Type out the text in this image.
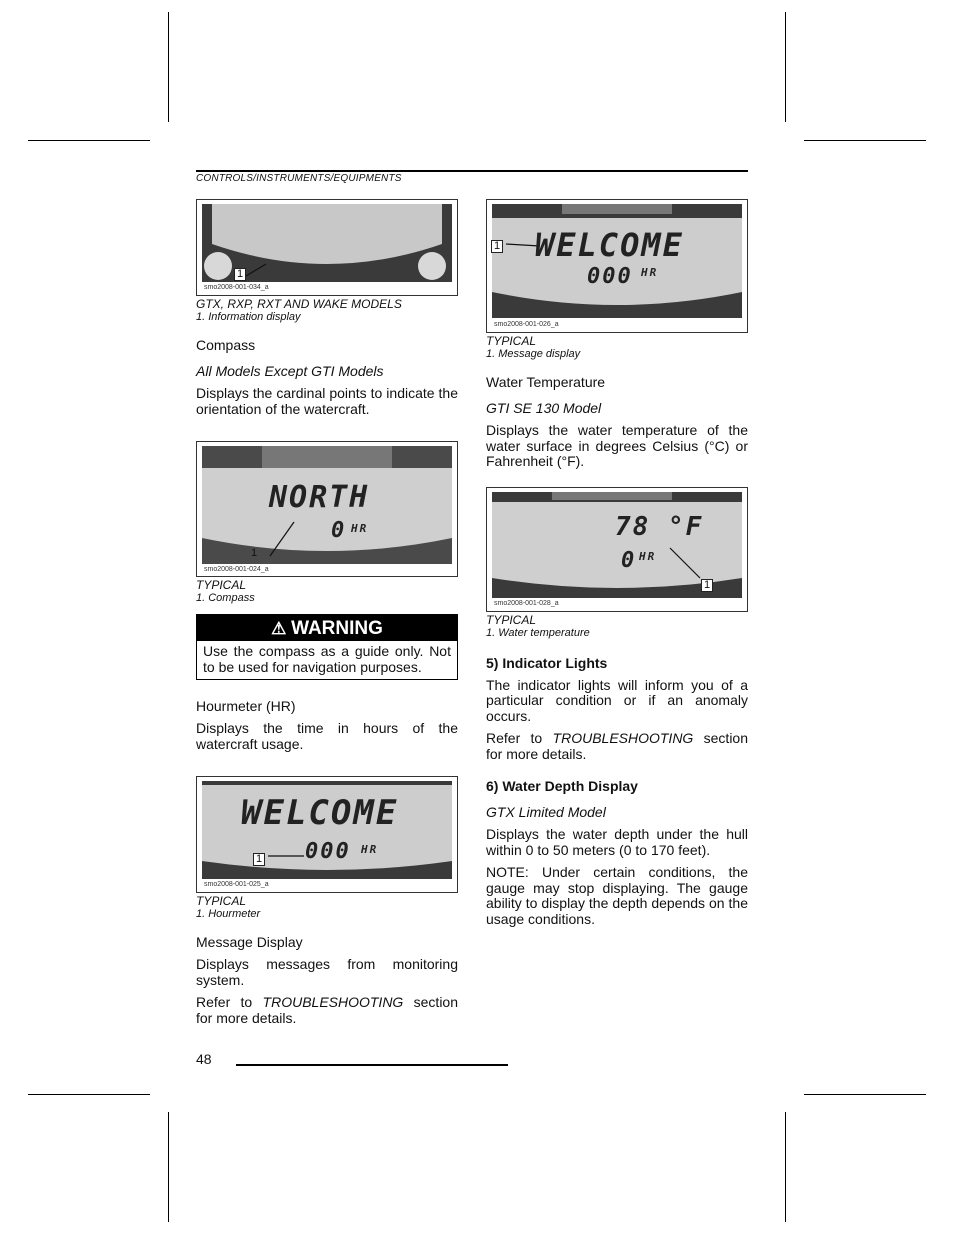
CONTROLS/INSTRUMENTS/EQUIPMENTS
1
smo2008-001-034_a
GTX, RXP, RXT AND WAKE MODELS
1. Information display
Compass
All Models Except GTI Models
Displays the cardinal points to indicate the orientation of the watercraft.
NORTH
0 HR
1
smo2008-001-024_a
TYPICAL
1. Compass
⚠ WARNING
Use the compass as a guide only. Not to be used for navigation purposes.
Hourmeter (HR)
Displays the time in hours of the watercraft usage.
WELCOME
000 HR
1
smo2008-001-025_a
TYPICAL
1. Hourmeter
Message Display
Displays messages from monitoring system.
Refer to TROUBLESHOOTING section for more details.
WELCOME
000 HR
1
smo2008-001-026_a
TYPICAL
1. Message display
Water Temperature
GTI SE 130 Model
Displays the water temperature of the water surface in degrees Celsius (°C) or Fahrenheit (°F).
78 °F
0 HR
1
smo2008-001-028_a
TYPICAL
1. Water temperature
5) Indicator Lights
The indicator lights will inform you of a particular condition or if an anomaly occurs.
Refer to TROUBLESHOOTING section for more details.
6) Water Depth Display
GTX Limited Model
Displays the water depth under the hull within 0 to 50 meters (0 to 170 feet).
NOTE: Under certain conditions, the gauge may stop displaying. The gauge ability to display the depth depends on the usage conditions.
48
